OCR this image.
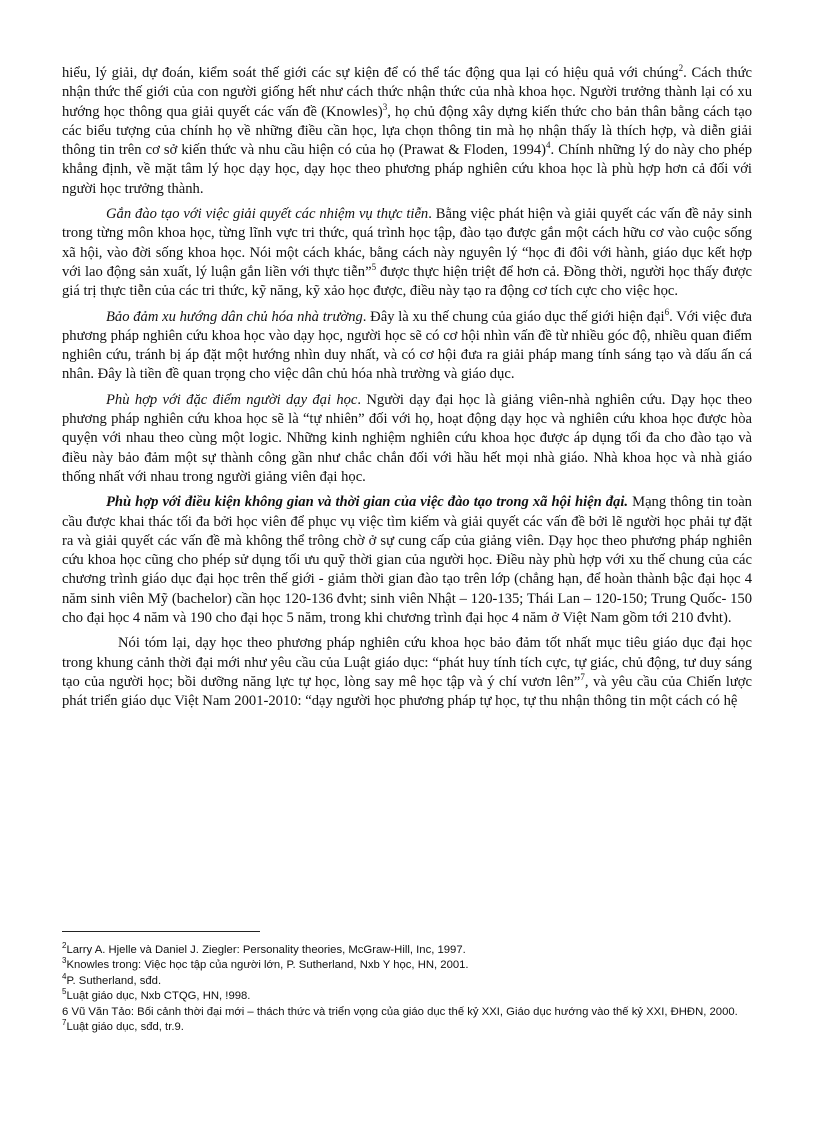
hiểu, lý giải, dự đoán, kiểm soát thế giới các sự kiện để có thể tác động qua lại có hiệu quả với chúng$^2$. Cách thức nhận thức thế giới của con người giống hết như cách thức nhận thức của nhà khoa học. Người trưởng thành lại có xu hướng học thông qua giải quyết các vấn đề (Knowles)$^3$, họ chủ động xây dựng kiến thức cho bản thân bằng cách tạo các biểu tượng của chính họ về những điều cần học, lựa chọn thông tin mà họ nhận thấy là thích hợp, và diễn giải thông tin trên cơ sở kiến thức và nhu cầu hiện có của họ (Prawat & Floden, 1994)$^4$. Chính những lý do này cho phép khẳng định, về mặt tâm lý học dạy học, dạy học theo phương pháp nghiên cứu khoa học là phù hợp hơn cả đối với người học trưởng thành.

Gắn đào tạo với việc giải quyết các nhiệm vụ thực tiễn. Bằng việc phát hiện và giải quyết các vấn đề nảy sinh trong từng môn khoa học, từng lĩnh vực tri thức, quá trình học tập, đào tạo được gắn một cách hữu cơ vào cuộc sống xã hội, vào đời sống khoa học. Nói một cách khác, bằng cách này nguyên lý “học đi đôi với hành, giáo dục kết hợp với lao động sản xuất, lý luận gắn liền với thực tiễn”$^5$ được thực hiện triệt để hơn cả. Đồng thời, người học thấy được giá trị thực tiễn của các tri thức, kỹ năng, kỹ xảo học được, điều này tạo ra động cơ tích cực cho việc học.

Bảo đảm xu hướng dân chủ hóa nhà trường. Đây là xu thế chung của giáo dục thế giới hiện đại$^6$. Với việc đưa phương pháp nghiên cứu khoa học vào dạy học, người học sẽ có cơ hội nhìn vấn đề từ nhiều góc độ, nhiều quan điểm nghiên cứu, tránh bị áp đặt một hướng nhìn duy nhất, và có cơ hội đưa ra giải pháp mang tính sáng tạo và dấu ấn cá nhân. Đây là tiền đề quan trọng cho việc dân chủ hóa nhà trường và giáo dục.

Phù hợp với đặc điểm người dạy đại học. Người dạy đại học là giảng viên-nhà nghiên cứu. Dạy học theo phương pháp nghiên cứu khoa học sẽ là “tự nhiên” đối với họ, hoạt động dạy học và nghiên cứu khoa học được hòa quyện với nhau theo cùng một logic. Những kinh nghiệm nghiên cứu khoa học được áp dụng tối đa cho đào tạo và điều này bảo đảm một sự thành công gần như chắc chắn đối với hầu hết mọi nhà giáo. Nhà khoa học và nhà giáo thống nhất với nhau trong người giảng viên đại học.

Phù hợp với điều kiện không gian và thời gian của việc đào tạo trong xã hội hiện đại. Mạng thông tin toàn cầu được khai thác tối đa bởi học viên để phục vụ việc tìm kiếm và giải quyết các vấn đề bởi lẽ người học phải tự đặt ra và giải quyết các vấn đề mà không thể trông chờ ở sự cung cấp của giảng viên. Dạy học theo phương pháp nghiên cứu khoa học cũng cho phép sử dụng tối ưu quỹ thời gian của người học. Điều này phù hợp với xu thế chung của các chương trình giáo dục đại học trên thế giới - giảm thời gian đào tạo trên lớp (chẳng hạn, để hoàn thành bậc đại học 4 năm sinh viên Mỹ (bachelor) cần học 120-136 đvht; sinh viên Nhật – 120-135; Thái Lan – 120-150; Trung Quốc- 150 cho đại học 4 năm và 190 cho đại học 5 năm, trong khi chương trình đại học 4 năm ở Việt Nam gồm tới 210 đvht).

Nói tóm lại, dạy học theo phương pháp nghiên cứu khoa học bảo đảm tốt nhất mục tiêu giáo dục đại học trong khung cảnh thời đại mới như yêu cầu của Luật giáo dục: “phát huy tính tích cực, tự giác, chủ động, tư duy sáng tạo của người học; bồi dưỡng năng lực tự học, lòng say mê học tập và ý chí vươn lên”$^7$, và yêu cầu của Chiến lược phát triển giáo dục Việt Nam 2001-2010: “dạy người học phương pháp tự học, tự thu nhận thông tin một cách có hệ

$^2$Larry A. Hjelle và Daniel J. Ziegler: Personality theories, McGraw-Hill, Inc, 1997.

$^3$Knowles trong: Việc học tập của người lớn, P. Sutherland, Nxb Y học, HN, 2001.

$^4$P. Sutherland, sđd.

$^5$Luật giáo dục, Nxb CTQG, HN, !998.

6 Vũ Văn Tảo: Bối cảnh thời đại mới – thách thức và triển vọng của giáo dục thế kỷ XXI, Giáo dục hướng vào thế kỷ XXI, ĐHĐN, 2000.

$^7$Luật giáo dục, sđd, tr.9.
